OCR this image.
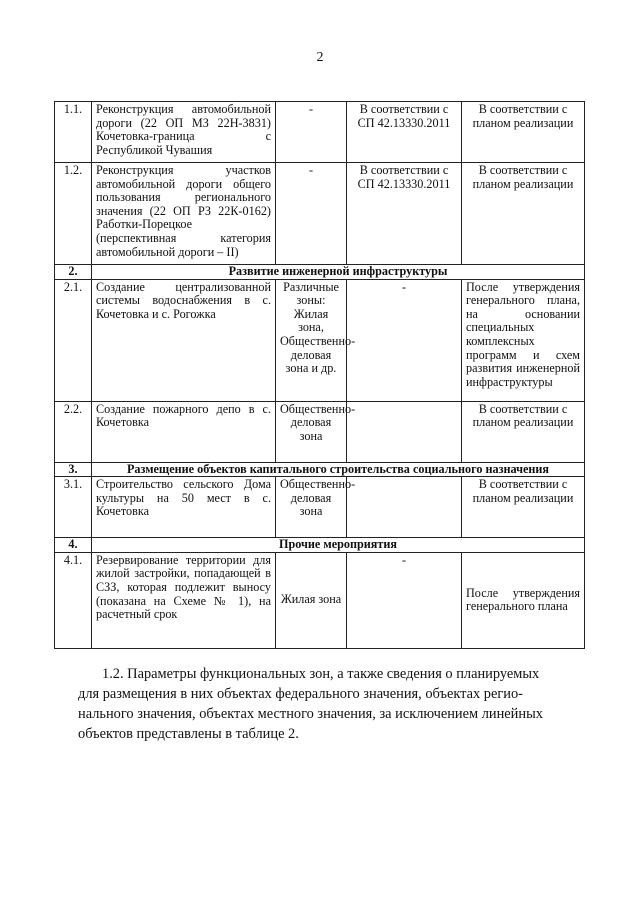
2
1.1.	Реконструкция автомобильной дороги (22 ОП МЗ 22Н-3831) Кочетовка-граница с Республикой Чувашия	-	В соответствии с СП 42.13330.2011	В соответствии с планом реализации
1.2.	Реконструкция участков автомобильной дороги общего пользования регионального значения (22 ОП РЗ 22К-0162) Работки-Порецкое (перспективная категория автомобильной дороги – II)	-	В соответствии с СП 42.13330.2011	В соответствии с планом реализации
2.	Развитие инженерной инфраструктуры			
2.1.	Создание централизованной системы водоснабжения в с. Кочетовка и с. Рогожка	Различные зоны: Жилая зона, Общественно-деловая зона и др.	-	После утверждения генерального плана, на основании специальных комплексных программ и схем развития инженерной инфраструктуры
2.2.	Создание пожарного депо в с. Кочетовка	Общественно-деловая зона		В соответствии с планом реализации
3.	Размещение объектов капитального строительства социального назначения			
3.1.	Строительство сельского Дома культуры на 50 мест в с. Кочетовка	Общественно-деловая зона		В соответствии с планом реализации
4.	Прочие мероприятия			
4.1.	Резервирование территории для жилой застройки, попадающей в СЗЗ, которая подлежит выносу (показана на Схеме № 1), на расчетный срок	Жилая зона	-	После утверждения генерального плана
1.2. Параметры функциональных зон, а также сведения о планируемых
для размещения в них объектах федерального значения, объектах регио-
нального значения, объектах местного значения, за исключением линейных
объектов представлены в таблице 2.
